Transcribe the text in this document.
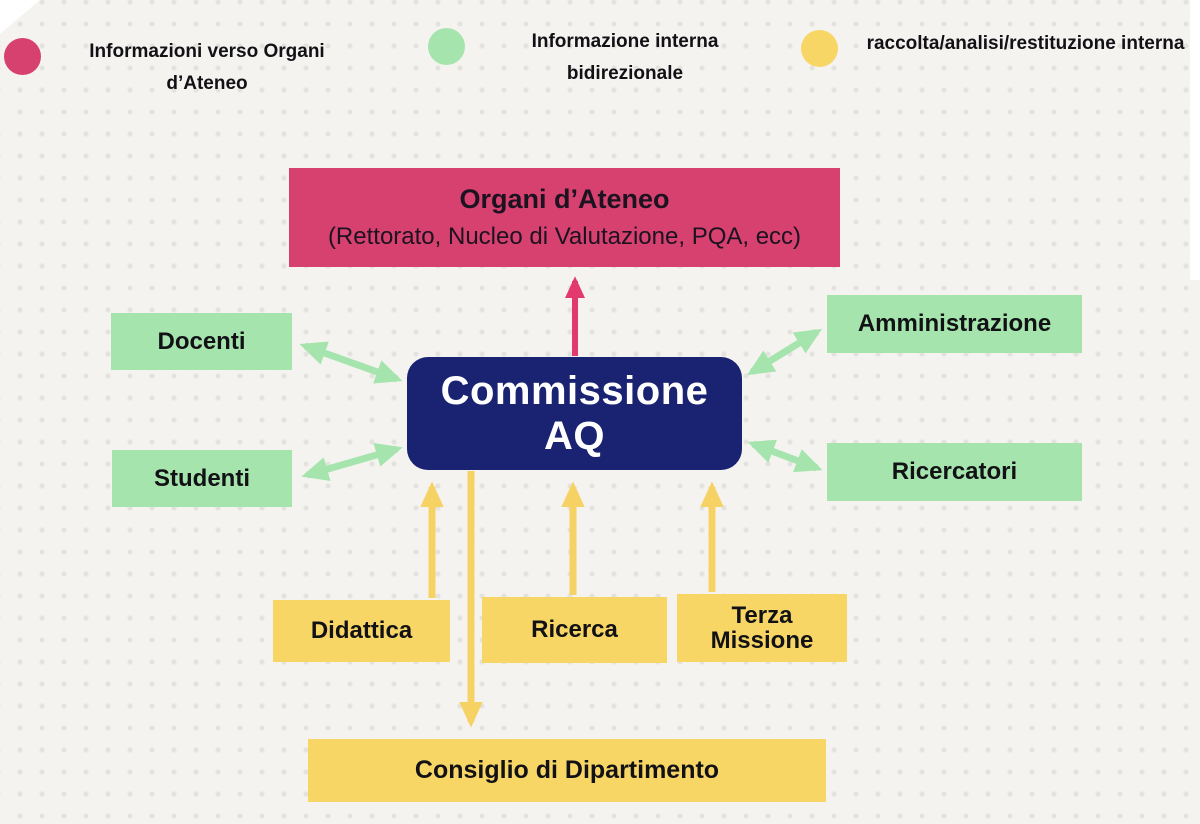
Informazioni verso Organi d’Ateneo
Informazione interna bidirezionale
raccolta/analisi/restituzione interna
Organi d’Ateneo
(Rettorato, Nucleo di Valutazione, PQA, ecc)
Commissione
AQ
Docenti
Studenti
Amministrazione
Ricercatori
Didattica	Ricerca
Terza Missione
Consiglio di Dipartimento
